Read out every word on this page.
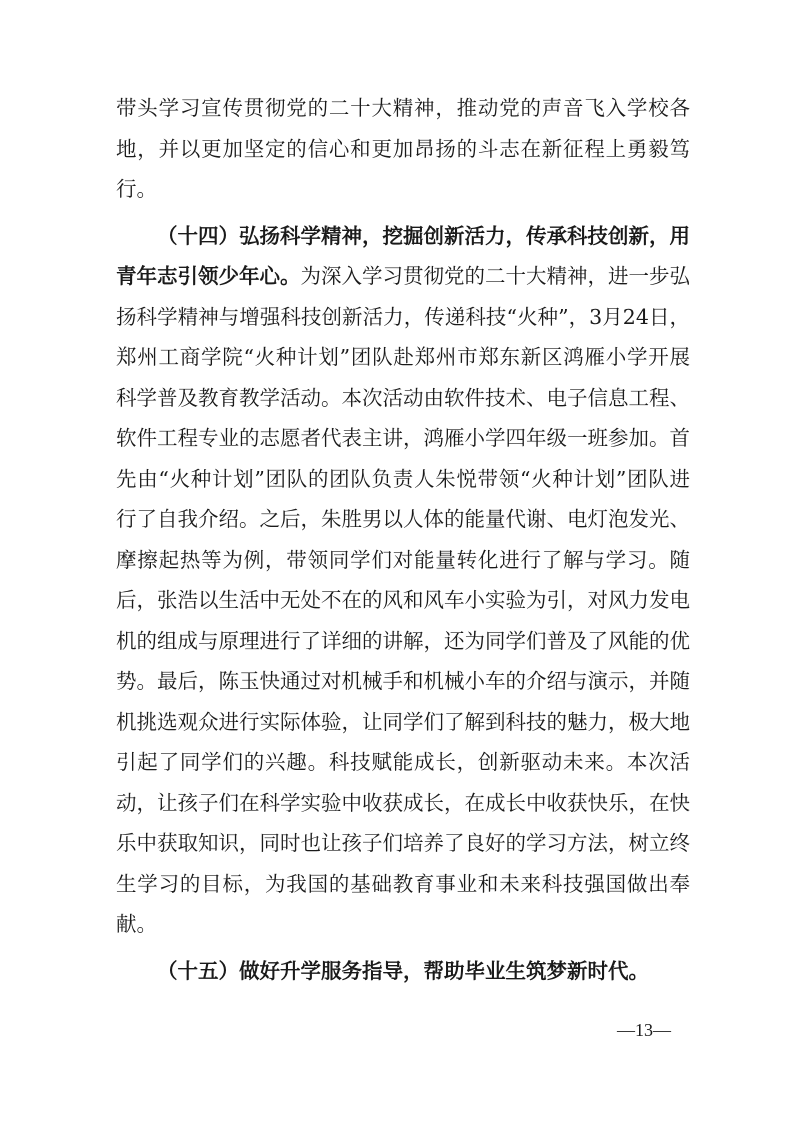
带头学习宣传贯彻党的二十大精神，推动党的声音飞入学校各地，并以更加坚定的信心和更加昂扬的斗志在新征程上勇毅笃行。

（十四）弘扬科学精神，挖掘创新活力，传承科技创新，用青年志引领少年心。为深入学习贯彻党的二十大精神，进一步弘扬科学精神与增强科技创新活力，传递科技“火种”，3月24日，郑州工商学院“火种计划”团队赴郑州市郑东新区鸿雁小学开展科学普及教育教学活动。本次活动由软件技术、电子信息工程、软件工程专业的志愿者代表主讲，鸿雁小学四年级一班参加。首先由“火种计划”团队的团队负责人朱悦带领“火种计划”团队进行了自我介绍。之后，朱胜男以人体的能量代谢、电灯泡发光、摩擦起热等为例，带领同学们对能量转化进行了解与学习。随后，张浩以生活中无处不在的风和风车小实验为引，对风力发电机的组成与原理进行了详细的讲解，还为同学们普及了风能的优势。最后，陈玉快通过对机械手和机械小车的介绍与演示，并随机挑选观众进行实际体验，让同学们了解到科技的魅力，极大地引起了同学们的兴趣。科技赋能成长，创新驱动未来。本次活动，让孩子们在科学实验中收获成长，在成长中收获快乐，在快乐中获取知识，同时也让孩子们培养了良好的学习方法，树立终生学习的目标，为我国的基础教育事业和未来科技强国做出奉献。

（十五）做好升学服务指导，帮助毕业生筑梦新时代。

—13—
